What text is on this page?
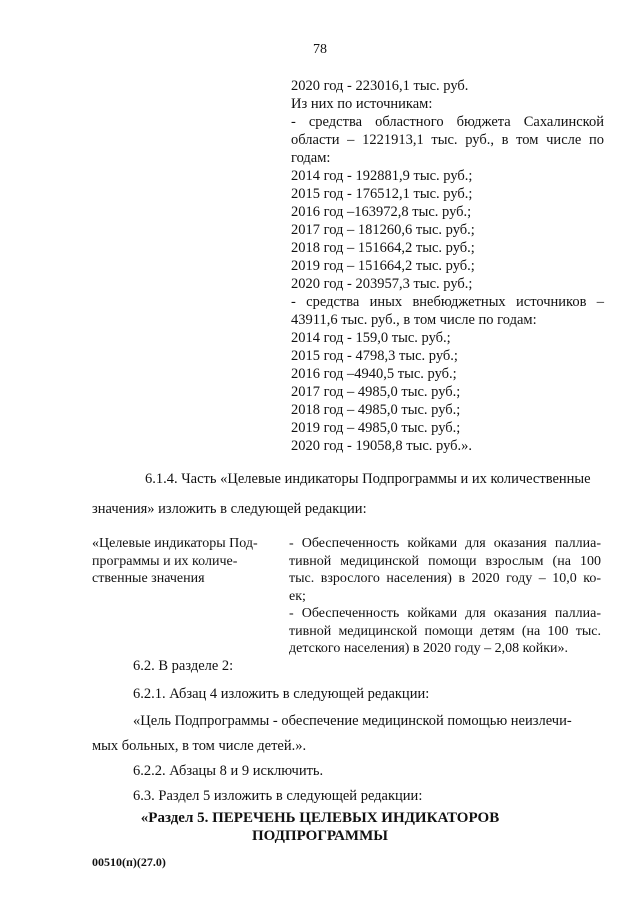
78
2020 год - 223016,1 тыс. руб.
Из них по источникам:
- средства областного бюджета Сахалинской
области – 1221913,1 тыс. руб., в том числе по
годам:
2014 год - 192881,9 тыс. руб.;
2015 год - 176512,1 тыс. руб.;
2016 год –163972,8 тыс. руб.;
2017 год – 181260,6 тыс. руб.;
2018 год – 151664,2 тыс. руб.;
2019 год – 151664,2 тыс. руб.;
2020 год - 203957,3 тыс. руб.;
- средства иных внебюджетных источников –
43911,6 тыс. руб., в том числе по годам:
2014 год - 159,0 тыс. руб.;
2015 год - 4798,3 тыс. руб.;
2016 год –4940,5 тыс. руб.;
2017 год – 4985,0 тыс. руб.;
2018 год – 4985,0 тыс. руб.;
2019 год – 4985,0 тыс. руб.;
2020 год - 19058,8 тыс. руб.».
6.1.4. Часть «Целевые индикаторы Подпрограммы и их количественные
значения» изложить в следующей редакции:
«Целевые индикаторы Под-
программы и их количе-
ственные значения
- Обеспеченность койками для оказания паллиа-
тивной медицинской помощи взрослым (на 100
тыс. взрослого населения) в 2020 году – 10,0 ко-
ек;
- Обеспеченность койками для оказания паллиа-
тивной медицинской помощи детям (на 100 тыс.
детского населения) в 2020 году – 2,08 койки».
6.2. В разделе 2:
6.2.1. Абзац 4 изложить в следующей редакции:
«Цель Подпрограммы - обеспечение медицинской помощью неизлечи-
мых больных, в том числе детей.».
6.2.2. Абзацы 8 и 9 исключить.
6.3. Раздел 5 изложить в следующей редакции:
«Раздел 5. ПЕРЕЧЕНЬ ЦЕЛЕВЫХ ИНДИКАТОРОВ
ПОДПРОГРАММЫ
00510(п)(27.0)
